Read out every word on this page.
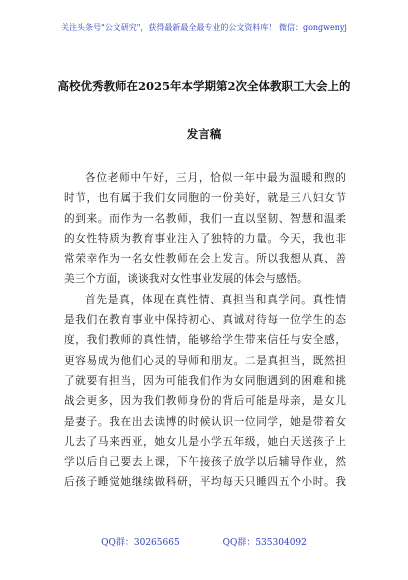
关注头条号"公文研究"，获得最新最全最专业的公文资料库！ 微信：gongwenyj
高校优秀教师在2025年本学期第2次全体教职工大会上的
发言稿

各位老师中午好，三月，恰似一年中最为温暖和煦的
时节，也有属于我们女同胞的一份美好，就是三八妇女节
的到来。而作为一名教师，我们一直以坚韧、智慧和温柔
的女性特质为教育事业注入了独特的力量。今天，我也非
常荣幸作为一名女性教师在会上发言。所以我想从真、善
美三个方面，谈谈我对女性事业发展的体会与感悟。

首先是真，体现在真性情、真担当和真学问。真性情
是我们在教育事业中保持初心、真诚对待每一位学生的态
度，我们教师的真性情，能够给学生带来信任与安全感，
更容易成为他们心灵的导师和朋友。二是真担当，既然担
了就要有担当，因为可能我们作为女同胞遇到的困难和挑
战会更多，因为我们教师身份的背后可能是母亲，是女儿
是妻子。我在出去读博的时候认识一位同学，她是带着女
儿去了马来西亚，她女儿是小学五年级，她白天送孩子上
学以后自己要去上课，下午接孩子放学以后辅导作业，然
后孩子睡觉她继续做科研，平均每天只睡四五个小时。我

QQ群：30265665	QQ群：535304092
